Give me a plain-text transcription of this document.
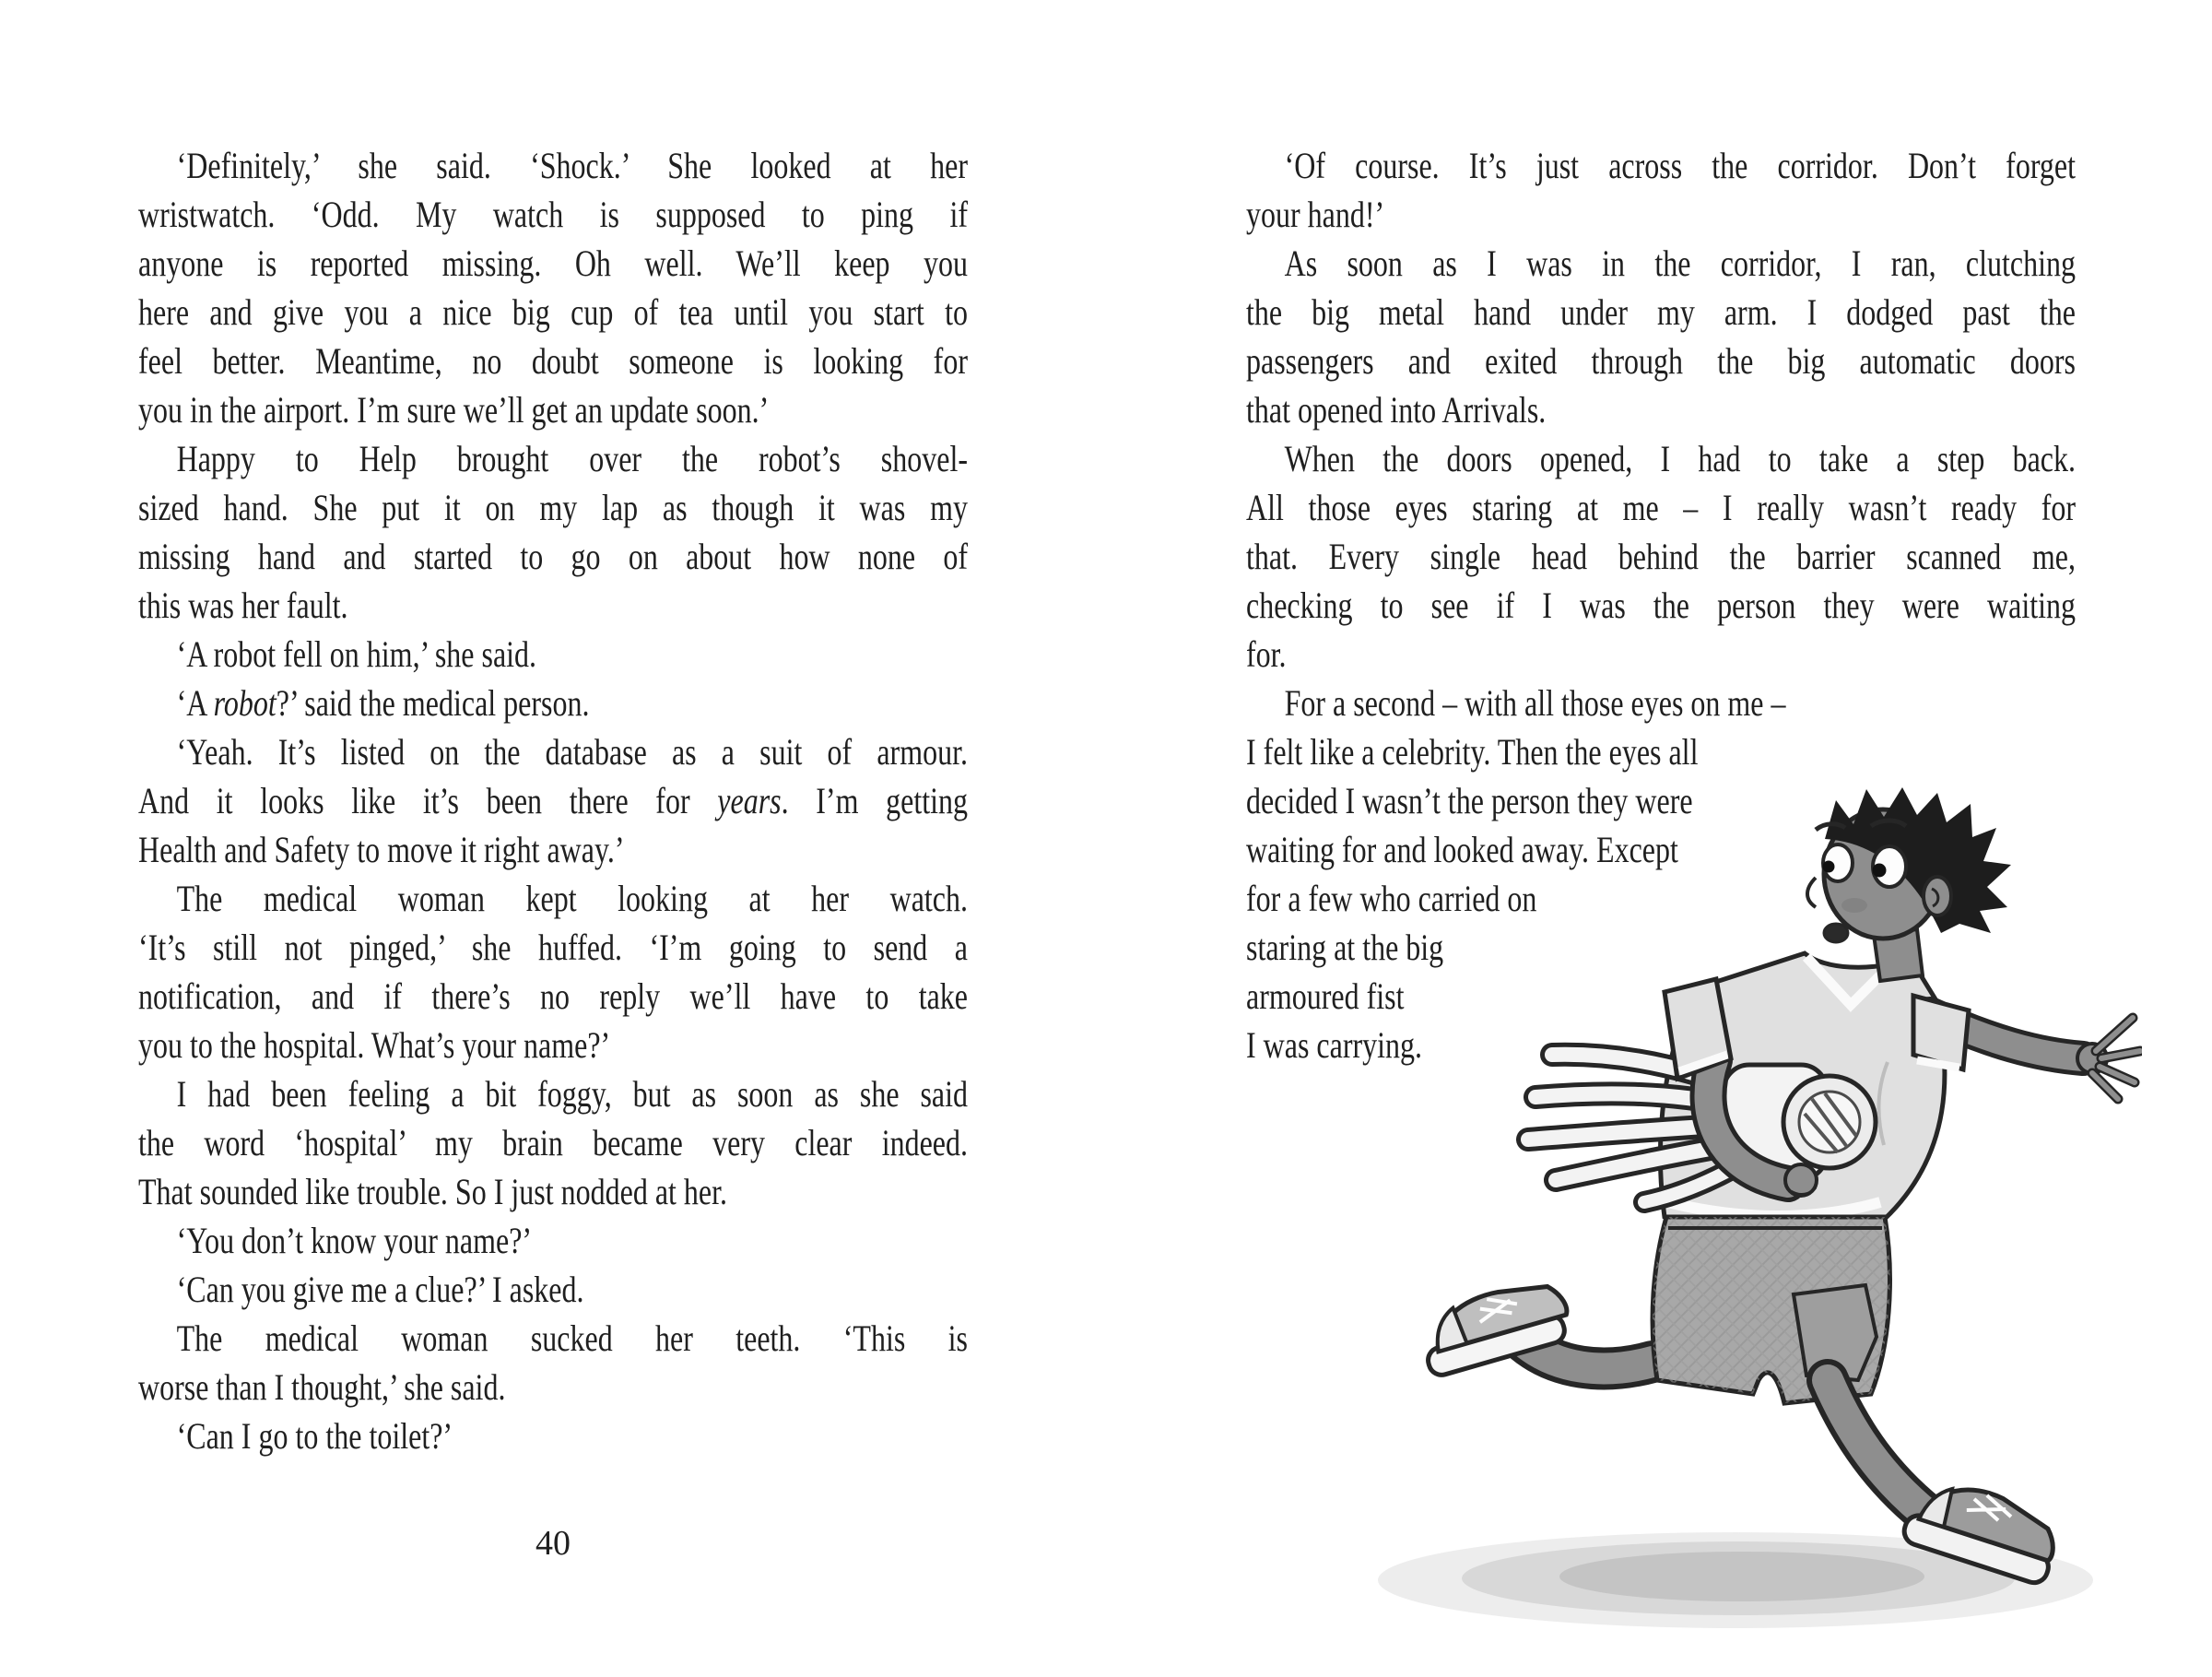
‘Definitely,’ she said. ‘Shock.’ She looked at her
wristwatch. ‘Odd. My watch is supposed to ping if
anyone is reported missing. Oh well. We’ll keep you
here and give you a nice big cup of tea until you start to
feel better. Meantime, no doubt someone is looking for
you in the airport. I’m sure we’ll get an update soon.’
Happy to Help brought over the robot’s shovel-
sized hand. She put it on my lap as though it was my
missing hand and started to go on about how none of
this was her fault.
‘A robot fell on him,’ she said.
‘A robot?’ said the medical person.
‘Yeah. It’s listed on the database as a suit of armour.
And it looks like it’s been there for years. I’m getting
Health and Safety to move it right away.’
The medical woman kept looking at her watch.
‘It’s still not pinged,’ she huffed. ‘I’m going to send a
notification, and if there’s no reply we’ll have to take
you to the hospital. What’s your name?’
I had been feeling a bit foggy, but as soon as she said
the word ‘hospital’ my brain became very clear indeed.
That sounded like trouble. So I just nodded at her.
‘You don’t know your name?’
‘Can you give me a clue?’ I asked.
The medical woman sucked her teeth. ‘This is
worse than I thought,’ she said.
‘Can I go to the toilet?’
40
‘Of course. It’s just across the corridor. Don’t forget
your hand!’
As soon as I was in the corridor, I ran, clutching
the big metal hand under my arm. I dodged past the
passengers and exited through the big automatic doors
that opened into Arrivals.
When the doors opened, I had to take a step back.
All those eyes staring at me – I really wasn’t ready for
that. Every single head behind the barrier scanned me,
checking to see if I was the person they were waiting
for.
For a second – with all those eyes on me –
I felt like a celebrity. Then the eyes all
decided I wasn’t the person they were
waiting for and looked away. Except
for a few who carried on
staring at the big
armoured fist
I was carrying.
